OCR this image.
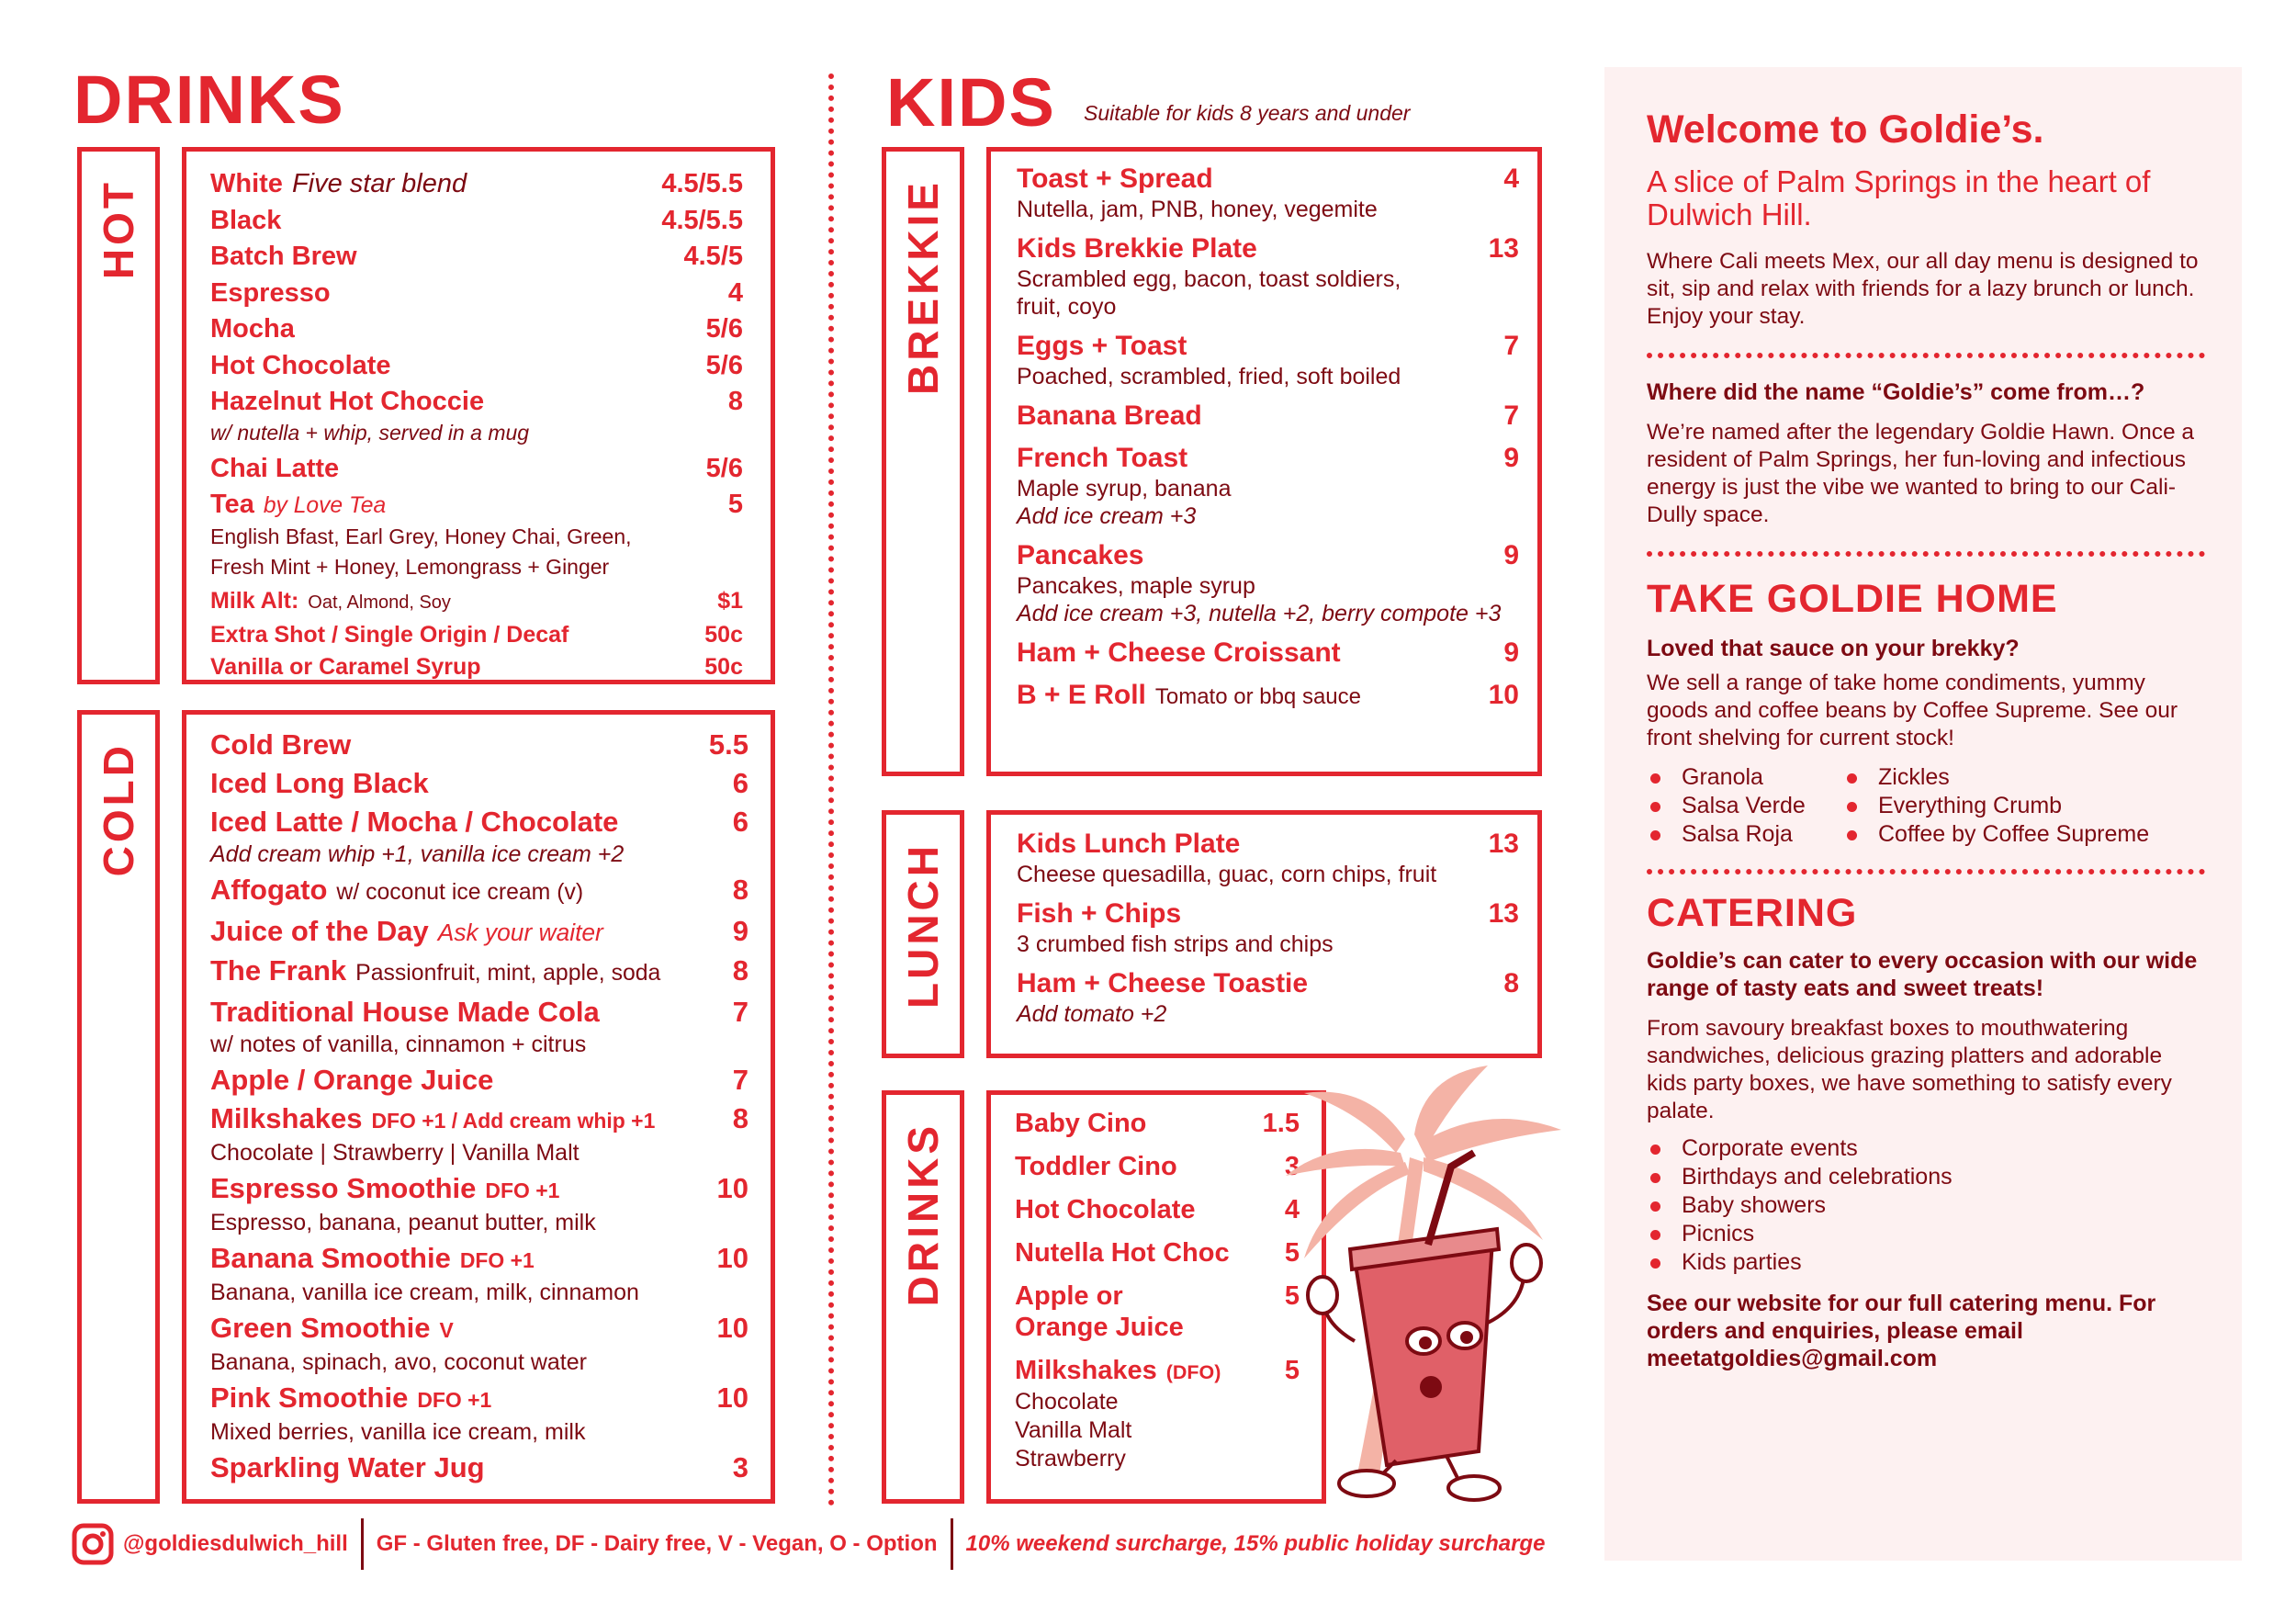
DRINKS
HOT	White Five star blend	4.5/5.5
Black	4.5/5.5
Batch Brew	4.5/5
Espresso	4
Mocha	5/6
Hot Chocolate	5/6
Hazelnut Hot Choccie	8
w/ nutella + whip, served in a mug
Chai Latte	5/6
Tea by Love Tea	5
English Bfast, Earl Grey, Honey Chai, Green,
Fresh Mint + Honey, Lemongrass + Ginger
Milk Alt: Oat, Almond, Soy	$1
Extra Shot / Single Origin / Decaf	50c
Vanilla or Caramel Syrup	50c
COLD Cold Brew	5.5
Iced Long Black	6
Iced Latte / Mocha / Chocolate	6
Add cream whip +1, vanilla ice cream +2
Affogato w/ coconut ice cream (v)	8
Juice of the Day Ask your waiter	9
The Frank Passionfruit, mint, apple, soda	8
Traditional House Made Cola	7
w/ notes of vanilla, cinnamon + citrus
Apple / Orange Juice	7
Milkshakes DFO +1 / Add cream whip +1	8
Chocolate | Strawberry | Vanilla Malt
Espresso Smoothie DFO +1	10
Espresso, banana, peanut butter, milk
Banana Smoothie DFO +1	10
Banana, vanilla ice cream, milk, cinnamon
Green Smoothie V	10
Banana, spinach, avo, coconut water
Pink Smoothie DFO +1	10
Mixed berries, vanilla ice cream, milk
Sparkling Water Jug	3
KIDS Suitable for kids 8 years and under
BREKKIE
Toast + Spread	4
Nutella, jam, PNB, honey, vegemite
Kids Brekkie Plate	13
Scrambled egg, bacon, toast soldiers,
fruit, coyo
Eggs + Toast	7
Poached, scrambled, fried, soft boiled
Banana Bread	7
French Toast	9
Maple syrup, banana
Add ice cream +3
Pancakes	9
Pancakes, maple syrup
Add ice cream +3, nutella +2, berry compote +3
Ham + Cheese Croissant	9
B + E Roll Tomato or bbq sauce	10
LUNCH	Kids Lunch Plate	13
Cheese quesadilla, guac, corn chips, fruit
Fish + Chips	13
3 crumbed fish strips and chips
Ham + Cheese Toastie	8
Add tomato +2
DRINKS	Baby Cino	1.5
Toddler Cino	3
Hot Chocolate	4
Nutella Hot Choc 5
Apple or	5
Orange Juice
Milkshakes (DFO) 5
Chocolate
Vanilla Malt
Strawberry
@goldiesdulwich_hill GF - Gluten free, DF - Dairy free, V - Vegan, O - Option 10% weekend surcharge, 15% public holiday surcharge
Welcome to Goldie’s.
A slice of Palm Springs in the heart of Dulwich Hill.

Where Cali meets Mex, our all day menu is designed to sit, sip and relax with friends for a lazy brunch or lunch. Enjoy your stay.

Where did the name “Goldie’s” come from…?

We’re named after the legendary Goldie Hawn. Once a resident of Palm Springs, her fun-loving and infectious energy is just the vibe we wanted to bring to our Cali-Dully space.

TAKE GOLDIE HOME
Loved that sauce on your brekky?

We sell a range of take home condiments, yummy goods and coffee beans by Coffee Supreme. See our front shelving for current stock!

Granola
Salsa Verde
Salsa Roja
Zickles
Everything Crumb
Coffee by Coffee Supreme
CATERING
Goldie’s can cater to every occasion with our wide range of tasty eats and sweet treats!

From savoury breakfast boxes to mouthwatering sandwiches, delicious grazing platters and adorable kids party boxes, we have something to satisfy every palate.

Corporate events
Birthdays and celebrations
Baby showers
Picnics
Kids parties
See our website for our full catering menu. For orders and enquiries, please email meetatgoldies@gmail.com
